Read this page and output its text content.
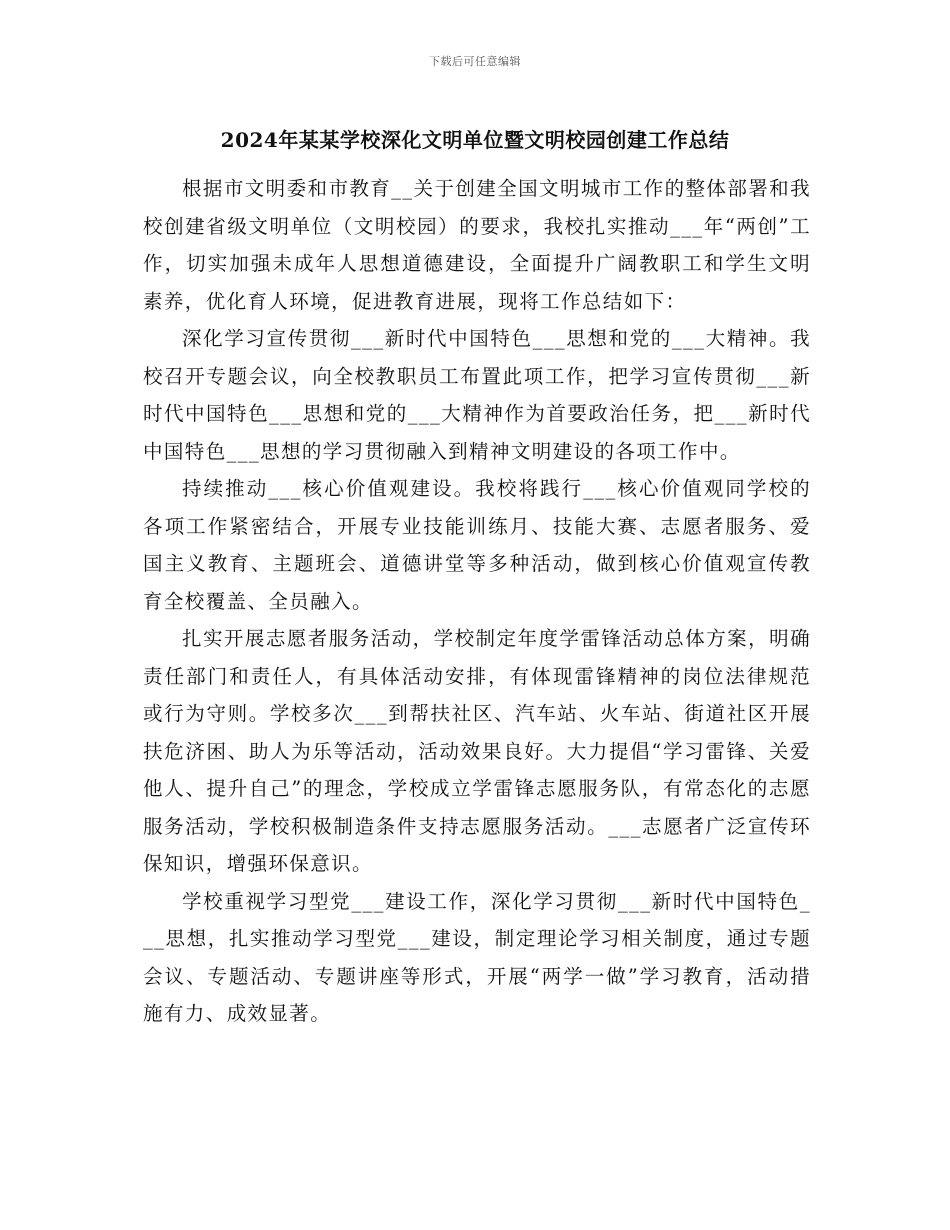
下载后可任意编辑
2024年某某学校深化文明单位暨文明校园创建工作总结

根据市文明委和市教育__关于创建全国文明城市工作的整体部署和我校创建省级文明单位（文明校园）的要求，我校扎实推动___年“两创”工作，切实加强未成年人思想道德建设，全面提升广阔教职工和学生文明素养，优化育人环境，促进教育进展，现将工作总结如下：

深化学习宣传贯彻___新时代中国特色___思想和党的___大精神。我校召开专题会议，向全校教职员工布置此项工作，把学习宣传贯彻___新时代中国特色___思想和党的___大精神作为首要政治任务，把___新时代中国特色___思想的学习贯彻融入到精神文明建设的各项工作中。

持续推动___核心价值观建设。我校将践行___核心价值观同学校的各项工作紧密结合，开展专业技能训练月、技能大赛、志愿者服务、爱国主义教育、主题班会、道德讲堂等多种活动，做到核心价值观宣传教育全校覆盖、全员融入。

扎实开展志愿者服务活动，学校制定年度学雷锋活动总体方案，明确责任部门和责任人，有具体活动安排，有体现雷锋精神的岗位法律规范或行为守则。学校多次___到帮扶社区、汽车站、火车站、街道社区开展扶危济困、助人为乐等活动，活动效果良好。大力提倡“学习雷锋、关爱他人、提升自己”的理念，学校成立学雷锋志愿服务队，有常态化的志愿服务活动，学校积极制造条件支持志愿服务活动。___志愿者广泛宣传环保知识，增强环保意识。

学校重视学习型党___建设工作，深化学习贯彻___新时代中国特色___思想，扎实推动学习型党___建设，制定理论学习相关制度，通过专题会议、专题活动、专题讲座等形式，开展“两学一做”学习教育，活动措施有力、成效显著。
